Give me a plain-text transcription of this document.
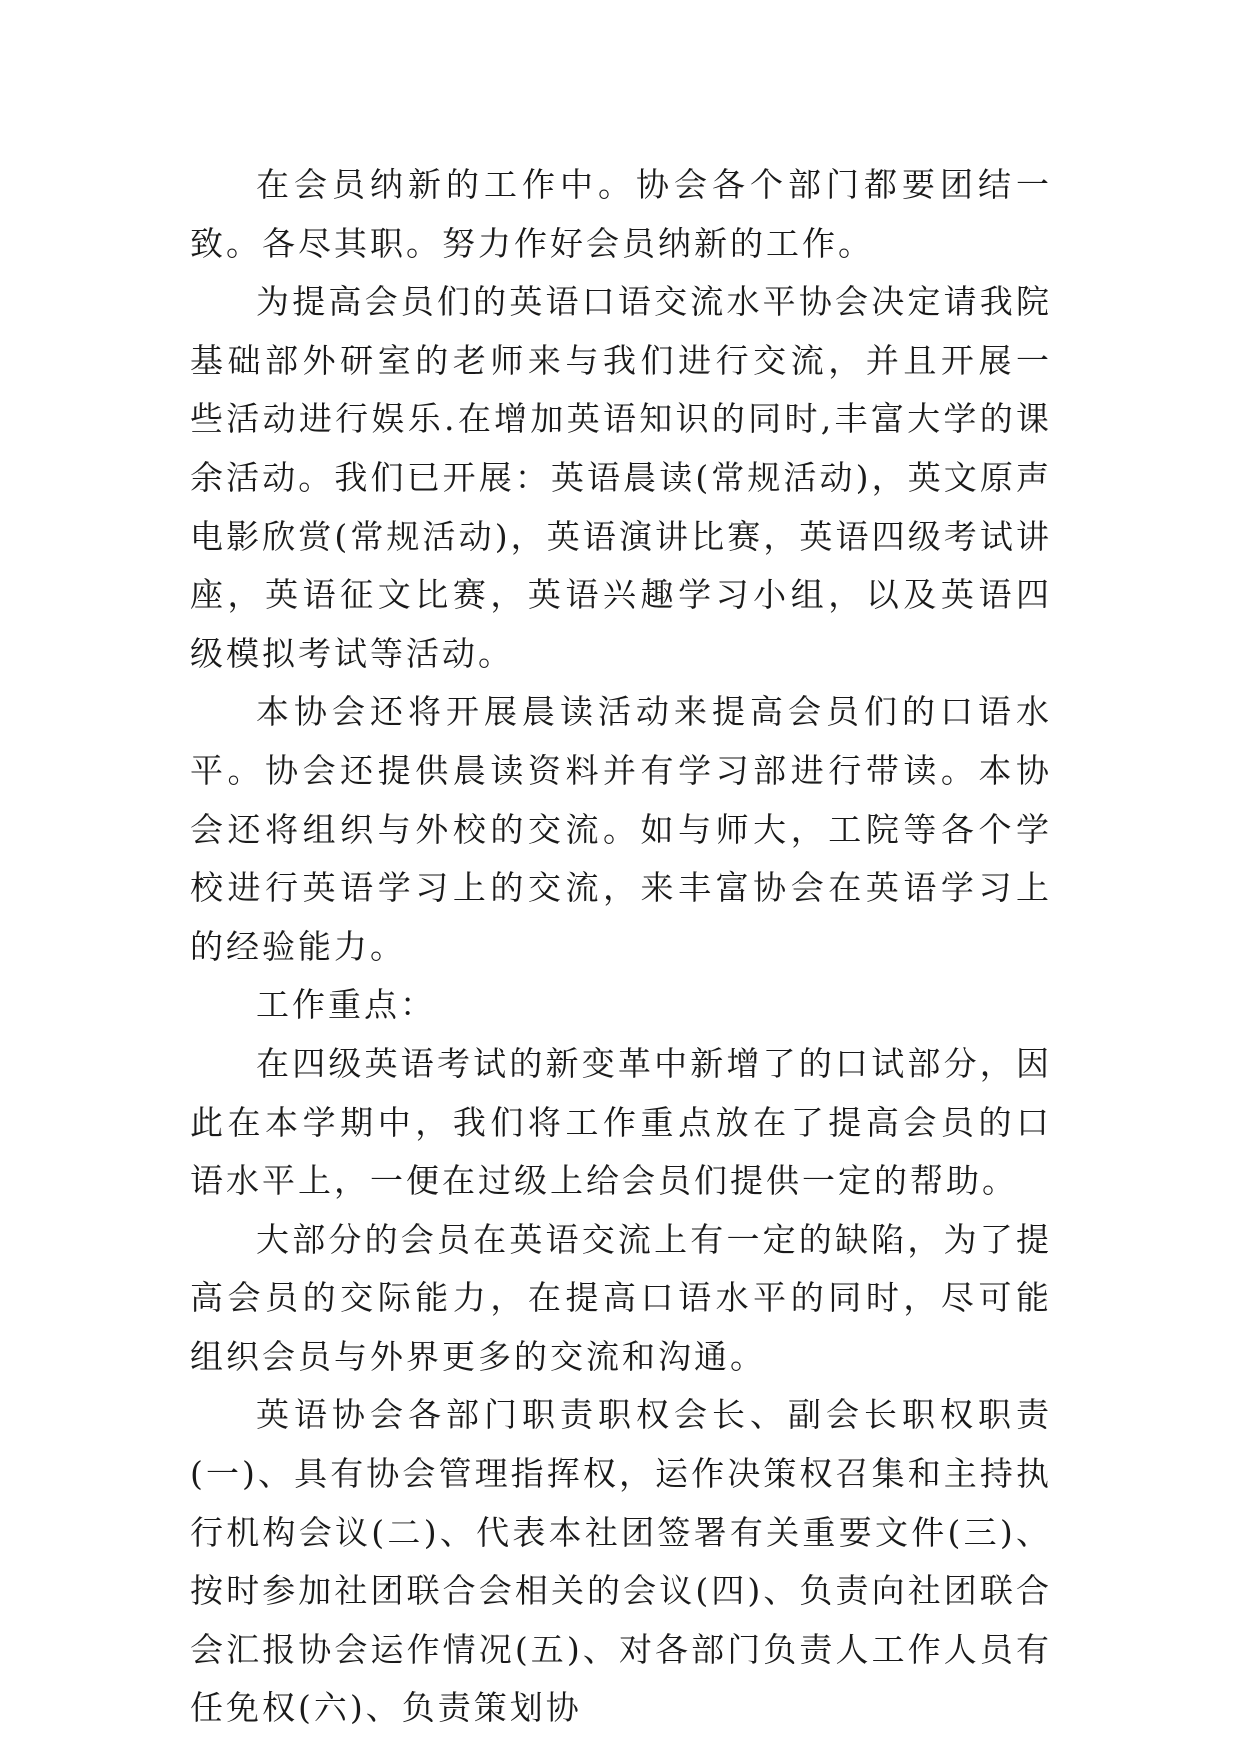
在会员纳新的工作中。协会各个部门都要团结一致。各尽其职。努力作好会员纳新的工作。

为提高会员们的英语口语交流水平协会决定请我院基础部外研室的老师来与我们进行交流，并且开展一些活动进行娱乐.在增加英语知识的同时,丰富大学的课余活动。我们已开展：英语晨读(常规活动)，英文原声电影欣赏(常规活动)，英语演讲比赛，英语四级考试讲座，英语征文比赛，英语兴趣学习小组，以及英语四级模拟考试等活动。

本协会还将开展晨读活动来提高会员们的口语水平。协会还提供晨读资料并有学习部进行带读。本协会还将组织与外校的交流。如与师大，工院等各个学校进行英语学习上的交流，来丰富协会在英语学习上的经验能力。

工作重点：

在四级英语考试的新变革中新增了的口试部分，因此在本学期中，我们将工作重点放在了提高会员的口语水平上，一便在过级上给会员们提供一定的帮助。

大部分的会员在英语交流上有一定的缺陷，为了提高会员的交际能力，在提高口语水平的同时，尽可能组织会员与外界更多的交流和沟通。

英语协会各部门职责职权会长、副会长职权职责(一)、具有协会管理指挥权，运作决策权召集和主持执行机构会议(二)、代表本社团签署有关重要文件(三)、按时参加社团联合会相关的会议(四)、负责向社团联合会汇报协会运作情况(五)、对各部门负责人工作人员有任免权(六)、负责策划协
